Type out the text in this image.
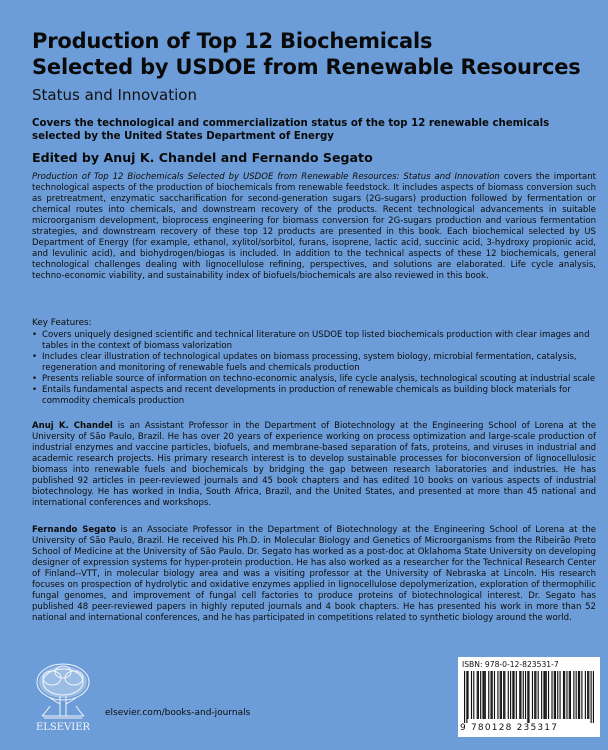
Production of Top 12 Biochemicals
Selected by USDOE from Renewable Resources
Status and Innovation
Covers the technological and commercialization status of the top 12 renewable chemicals selected by the United States Department of Energy
Edited by Anuj K. Chandel and Fernando Segato
Production of Top 12 Biochemicals Selected by USDOE from Renewable Resources: Status and Innovation covers the important technological aspects of the production of biochemicals from renewable feedstock. It includes aspects of biomass conversion such as pretreatment, enzymatic saccharification for second-generation sugars (2G-sugars) production followed by fermentation or chemical routes into chemicals, and downstream recovery of the products. Recent technological advancements in suitable microorganism development, bioprocess engineering for biomass conversion for 2G-sugars production and various fermentation strategies, and downstream recovery of these top 12 products are presented in this book. Each biochemical selected by US Department of Energy (for example, ethanol, xylitol/sorbitol, furans, isoprene, lactic acid, succinic acid, 3-hydroxy propionic acid, and levulinic acid), and biohydrogen/biogas is included. In addition to the technical aspects of these 12 biochemicals, general technological challenges dealing with lignocellulose refining, perspectives, and solutions are elaborated. Life cycle analysis, techno-economic viability, and sustainability index of biofuels/biochemicals are also reviewed in this book.
Key Features:
• Covers uniquely designed scientific and technical literature on USDOE top listed biochemicals production with clear images and tables in the context of biomass valorization
• Includes clear illustration of technological updates on biomass processing, system biology, microbial fermentation, catalysis, regeneration and monitoring of renewable fuels and chemicals production
• Presents reliable source of information on techno-economic analysis, life cycle analysis, technological scouting at industrial scale
• Entails fundamental aspects and recent developments in production of renewable chemicals as building block materials for commodity chemicals production
Anuj K. Chandel is an Assistant Professor in the Department of Biotechnology at the Engineering School of Lorena at the University of São Paulo, Brazil. He has over 20 years of experience working on process optimization and large-scale production of industrial enzymes and vaccine particles, biofuels, and membrane-based separation of fats, proteins, and viruses in industrial and academic research projects. His primary research interest is to develop sustainable processes for bioconversion of lignocellulosic biomass into renewable fuels and biochemicals by bridging the gap between research laboratories and industries. He has published 92 articles in peer-reviewed journals and 45 book chapters and has edited 10 books on various aspects of industrial biotechnology. He has worked in India, South Africa, Brazil, and the United States, and presented at more than 45 national and international conferences and workshops.
Fernando Segato is an Associate Professor in the Department of Biotechnology at the Engineering School of Lorena at the University of São Paulo, Brazil. He received his Ph.D. in Molecular Biology and Genetics of Microorganisms from the Ribeirão Preto School of Medicine at the University of São Paulo. Dr. Segato has worked as a post-doc at Oklahoma State University on developing designer of expression systems for hyper-protein production. He has also worked as a researcher for the Technical Research Center of Finland--VTT, in molecular biology area and was a visiting professor at the University of Nebraska at Lincoln. His research focuses on prospection of hydrolytic and oxidative enzymes applied in lignocellulose depolymerization, exploration of thermophilic fungal genomes, and improvement of fungal cell factories to produce proteins of biotechnological interest. Dr. Segato has published 48 peer-reviewed papers in highly reputed journals and 4 book chapters. He has presented his work in more than 52 national and international conferences, and he has participated in competitions related to synthetic biology around the world.
ELSEVIER
elsevier.com/books-and-journals
ISBN: 978-0-12-823531-7
9 780128 235317
